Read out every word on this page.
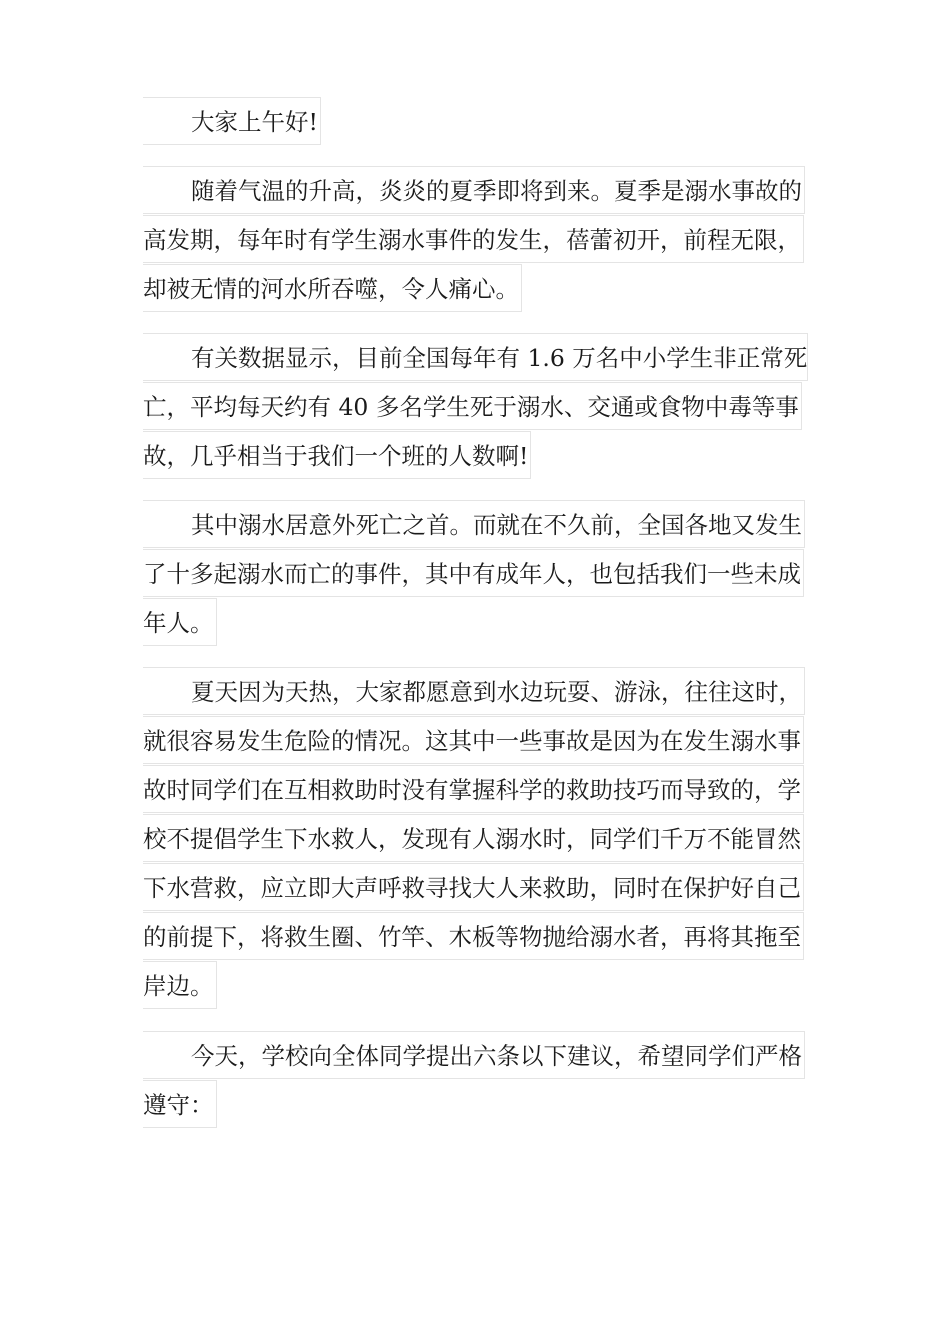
大家上午好!
随着气温的升高，炎炎的夏季即将到来。夏季是溺水事故的
高发期，每年时有学生溺水事件的发生，蓓蕾初开，前程无限，
却被无情的河水所吞噬，令人痛心。
有关数据显示，目前全国每年有 1.6 万名中小学生非正常死
亡，平均每天约有 40 多名学生死于溺水、交通或食物中毒等事
故，几乎相当于我们一个班的人数啊!
其中溺水居意外死亡之首。而就在不久前，全国各地又发生
了十多起溺水而亡的事件，其中有成年人，也包括我们一些未成
年人。
夏天因为天热，大家都愿意到水边玩耍、游泳，往往这时，
就很容易发生危险的情况。这其中一些事故是因为在发生溺水事
故时同学们在互相救助时没有掌握科学的救助技巧而导致的，学
校不提倡学生下水救人，发现有人溺水时，同学们千万不能冒然
下水营救，应立即大声呼救寻找大人来救助，同时在保护好自己
的前提下，将救生圈、竹竿、木板等物抛给溺水者，再将其拖至
岸边。
今天，学校向全体同学提出六条以下建议，希望同学们严格
遵守：
